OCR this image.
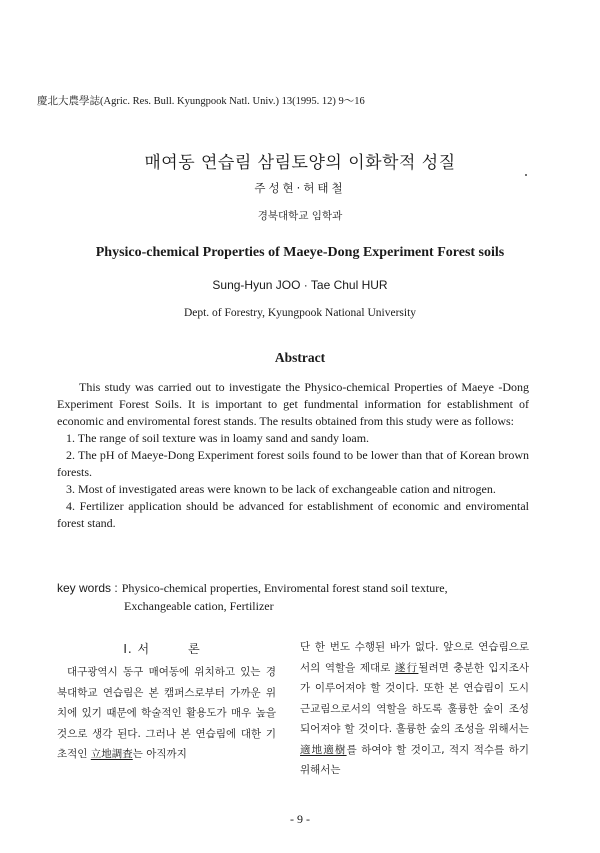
慶北大農學誌(Agric. Res. Bull. Kyungpook Natl. Univ.) 13(1995. 12) 9～16
매여동 연습림 삼림토양의 이화학적 성질
주성현·허태철
경북대학교 임학과
Physico-chemical Properties of Maeye-Dong Experiment Forest soils
Sung-Hyun JOO · Tae Chul HUR
Dept. of Forestry, Kyungpook National University
Abstract

This study was carried out to investigate the Physico-chemical Properties of Maeye -Dong Experiment Forest Soils. It is important to get fundmental information for establishment of economic and enviromental forest stands. The results obtained from this study were as follows:

1. The range of soil texture was in loamy sand and sandy loam.

2. The pH of Maeye-Dong Experiment forest soils found to be lower than that of Korean brown forests.

3. Most of investigated areas were known to be lack of exchangeable cation and nitrogen.

4. Fertilizer application should be advanced for establishment of economic and enviromental forest stand.

key words : Physico-chemical properties, Enviromental forest stand soil texture,
Exchangeable cation, Fertilizer
I. 서	론

대구광역시 동구 매여동에 위치하고 있는 경북대학교 연습림은 본 캠퍼스로부터 가까운 위치에 있기 때문에 학술적인 활용도가 매우 높을 것으로 생각 된다. 그러나 본 연습림에 대한 기초적인 立地調査는 아직까지

단 한 번도 수행된 바가 없다. 앞으로 연습림으로서의 역할을 제대로 遂行될려면 충분한 입지조사가 이루어져야 할 것이다. 또한 본 연습림이 도시 근교림으로서의 역할을 하도록 훌륭한 숲이 조성되어져야 할 것이다. 훌륭한 숲의 조성을 위해서는 適地適樹를 하여야 할 것이고, 적지 적수를 하기 위해서는

- 9 -
